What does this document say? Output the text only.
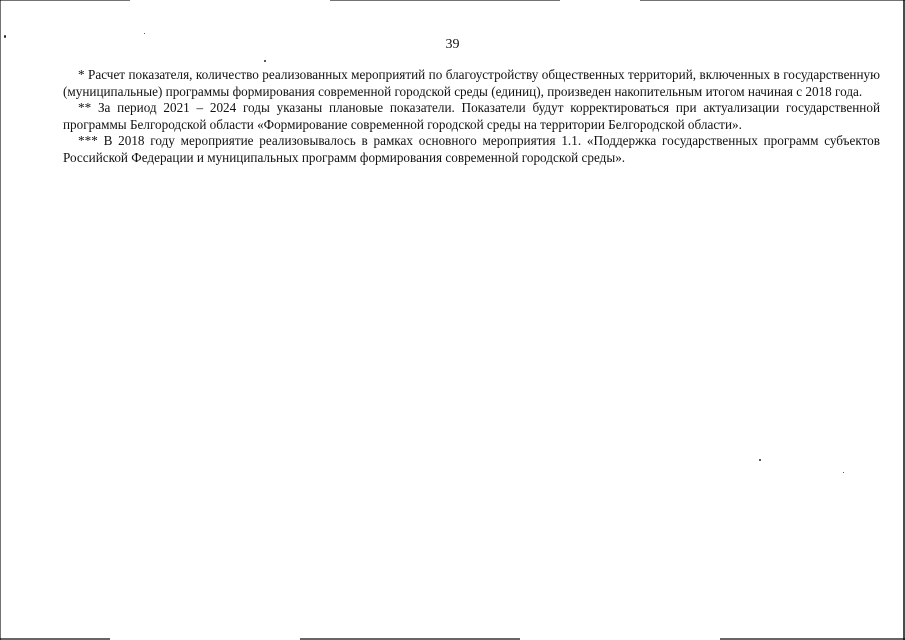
39

* Расчет показателя, количество реализованных мероприятий по благоустройству общественных территорий, включенных в государственную (муниципальные) программы формирования современной городской среды (единиц), произведен накопительным итогом начиная с 2018 года.

** За период 2021 – 2024 годы указаны плановые показатели. Показатели будут корректироваться при актуализации государственной программы Белгородской области «Формирование современной городской среды на территории Белгородской области».

*** В 2018 году мероприятие реализовывалось в рамках основного мероприятия 1.1. «Поддержка государственных программ субъектов Российской Федерации и муниципальных программ формирования современной городской среды».
